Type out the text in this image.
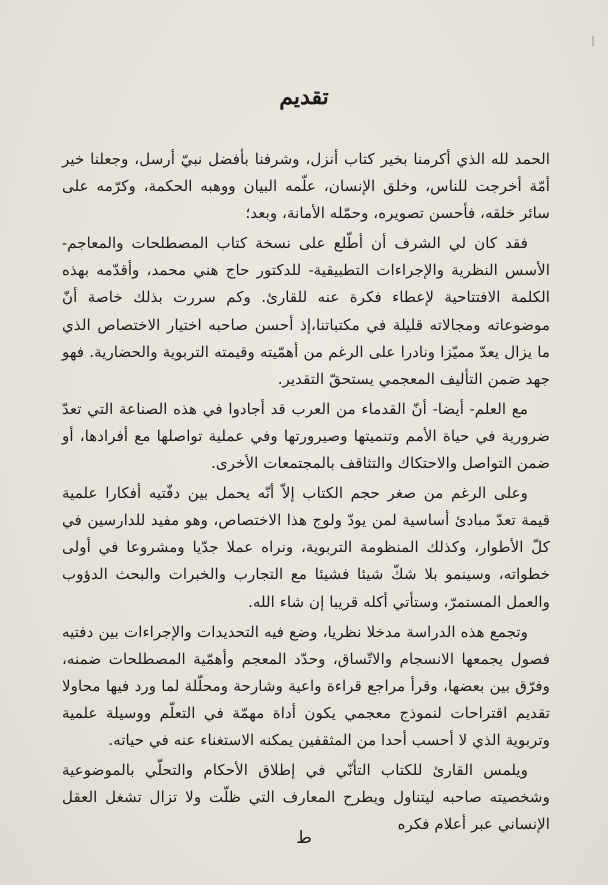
تقديم

الحمد لله الذي أكرمنا بخير كتاب أنزل، وشرفنا بأفضل نبيّ أرسل، وجعلنا خير أمّة أخرجت للناس، وخلق الإنسان، علّمه البيان ووهبه الحكمة، وكرّمه على سائر خلقه، فأحسن تصويره، وحمّله الأمانة، وبعد؛

فقد كان لي الشرف أن أطّلع على نسخة كتاب المصطلحات والمعاجم- الأسس النظرية والإجراءات التطبيقية- للدكتور حاج هني محمد، وأقدّمه بهذه الكلمة الافتتاحية لإعطاء فكرة عنه للقارئ. وكم سررت بذلك خاصة أنّ موضوعاته ومجالاته قليلة في مكتباتنا،إذ أحسن صاحبه اختيار الاختصاص الذي ما يزال يعدّ مميّزا ونادرا على الرغم من أهمّيته وقيمته التربوية والحضارية. فهو جهد ضمن التأليف المعجمي يستحقّ التقدير.

مع العلم- أيضا- أنّ القدماء من العرب قد أجادوا في هذه الصناعة التي تعدّ ضرورية في حياة الأمم وتنميتها وصيرورتها وفي عملية تواصلها مع أفرادها، أو ضمن التواصل والاحتكاك والتثاقف بالمجتمعات الأخرى.

وعلى الرغم من صغر حجم الكتاب إلاّ أنّه يحمل بين دفّتيه أفكارا علمية قيمة تعدّ مبادئ أساسية لمن يودّ ولوج هذا الاختصاص، وهو مفيد للدارسين في كلّ الأطوار، وكذلك المنظومة التربوية، ونراه عملا جدّيا ومشروعا في أولى خطواته، وسينمو بلا شكّ شيئا فشيئا مع التجارب والخبرات والبحث الدؤوب والعمل المستمرّ، وستأتي أكله قريبا إن شاء الله.

وتجمع هذه الدراسة مدخلا نظريا، وضع فيه التحديدات والإجراءات بين دفتيه فصول يجمعها الانسجام والاتّساق، وحدّد المعجم وأهمّية المصطلحات ضمنه، وفرّق بين بعضها، وقرأ مراجع قراءة واعية وشارحة ومحلّلة لما ورد فيها محاولا تقديم اقتراحات لنموذج معجمي يكون أداة مهمّة في التعلّم ووسيلة علمية وتربوية الذي لا أحسب أحدا من المثقفين يمكنه الاستغناء عنه في حياته.

ويلمس القارئ للكتاب التأنّي في إطلاق الأحكام والتحلّي بالموضوعية وشخصيته صاحبه ليتناول ويطرح المعارف التي ظلّت ولا تزال تشغل العقل الإنساني عبر أعلام فكره

ط
